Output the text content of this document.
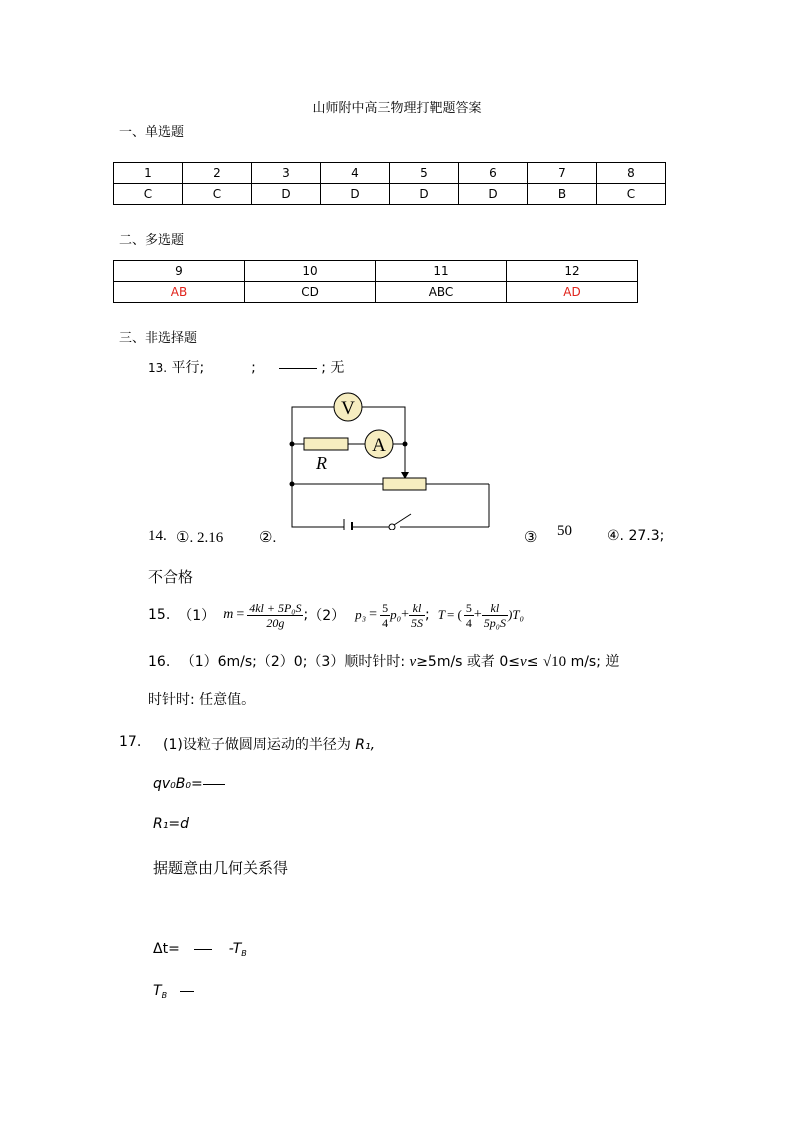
山师附中高三物理打靶题答案
一、单选题
1	2	3	4	5	6	7	8
C	C	D	D	D	D	B	C
二、多选题
9	10	11	12
AB	CD	ABC	AD
三、非选择题
13. 平行;	;	; 无
V
A
R
14. ①. 2.16 ②.	③ 50	④. 27.3;
不合格
15. （1） $m = \frac{\text{4kl + 5P₀S}}{20g}$ ; （2） $p_3 = \frac{5}{4} p_0 + \frac{kl}{5S}$ ; T = ( $\frac{5}{4} + \frac{kl}{\text{5p₀S}} )T_0$
16. （1）6m/s;（2）0;（3）顺时针时: v≥5m/s 或者 0≤v≤ √10 m/s; 逆
时针时: 任意值。
17. (1)设粒子做圆周运动的半径为 R₁,
qv₀B₀=
R₁=d
据题意由几何关系得
Δt=	$-T_B$
$T_B$
